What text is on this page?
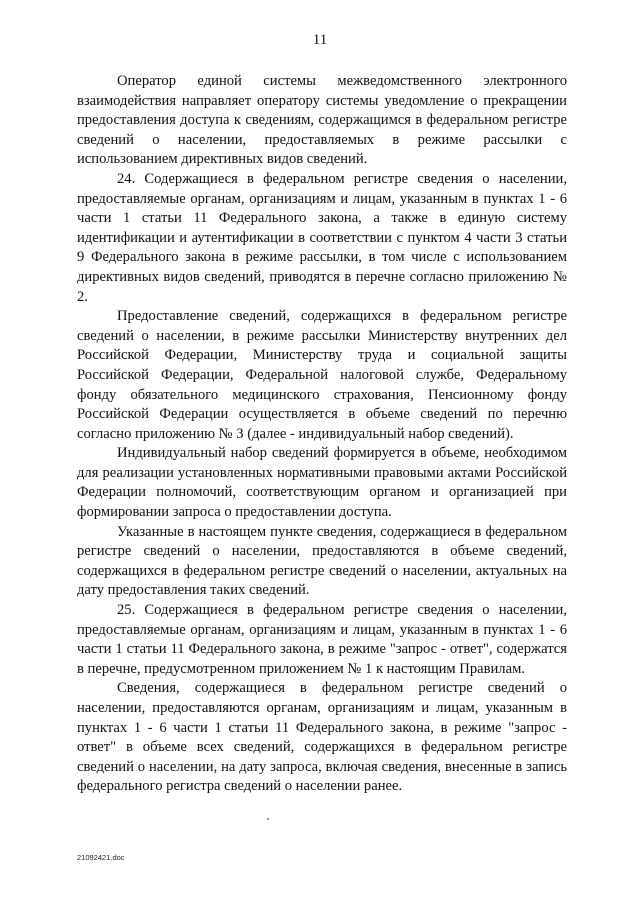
11

Оператор единой системы межведомственного электронного взаимодействия направляет оператору системы уведомление о прекращении предоставления доступа к сведениям, содержащимся в федеральном регистре сведений о населении, предоставляемых в режиме рассылки с использованием директивных видов сведений.

24. Содержащиеся в федеральном регистре сведения о населении, предоставляемые органам, организациям и лицам, указанным в пунктах 1 - 6 части 1 статьи 11 Федерального закона, а также в единую систему идентификации и аутентификации в соответствии с пунктом 4 части 3 статьи 9 Федерального закона в режиме рассылки, в том числе с использованием директивных видов сведений, приводятся в перечне согласно приложению № 2.

Предоставление сведений, содержащихся в федеральном регистре сведений о населении, в режиме рассылки Министерству внутренних дел Российской Федерации, Министерству труда и социальной защиты Российской Федерации, Федеральной налоговой службе, Федеральному фонду обязательного медицинского страхования, Пенсионному фонду Российской Федерации осуществляется в объеме сведений по перечню согласно приложению № 3 (далее - индивидуальный набор сведений).

Индивидуальный набор сведений формируется в объеме, необходимом для реализации установленных нормативными правовыми актами Российской Федерации полномочий, соответствующим органом и организацией при формировании запроса о предоставлении доступа.

Указанные в настоящем пункте сведения, содержащиеся в федеральном регистре сведений о населении, предоставляются в объеме сведений, содержащихся в федеральном регистре сведений о населении, актуальных на дату предоставления таких сведений.

25. Содержащиеся в федеральном регистре сведения о населении, предоставляемые органам, организациям и лицам, указанным в пунктах 1 - 6 части 1 статьи 11 Федерального закона, в режиме "запрос - ответ", содержатся в перечне, предусмотренном приложением № 1 к настоящим Правилам.

Сведения, содержащиеся в федеральном регистре сведений о населении, предоставляются органам, организациям и лицам, указанным в пунктах 1 - 6 части 1 статьи 11 Федерального закона, в режиме "запрос - ответ" в объеме всех сведений, содержащихся в федеральном регистре сведений о населении, на дату запроса, включая сведения, внесенные в запись федерального регистра сведений о населении ранее.

21092421.doc
